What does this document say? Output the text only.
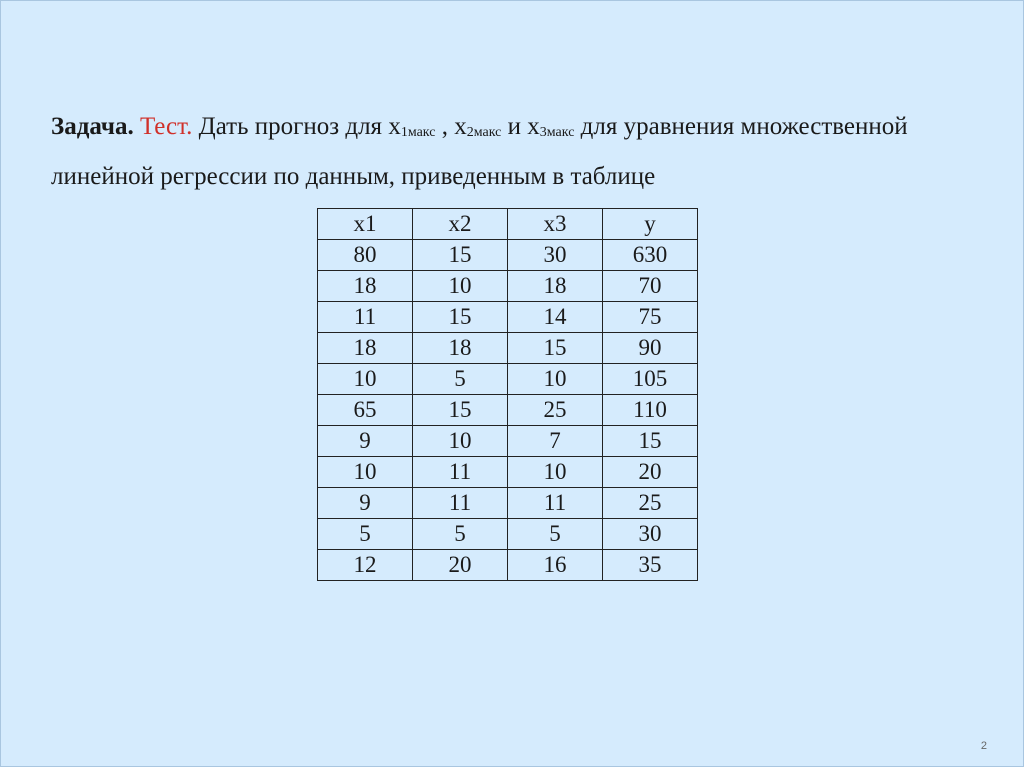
Задача. Тест. Дать прогноз для $x_{1макс}$ , $x_{2макс}$ и $x_{3макс}$ для уравнения множественной линейной регрессии по данным, приведенным в таблице
x1	x2	x3	y
80	15	30	630
18	10	18	70
11	15	14	75
18	18	15	90
10	5	10	105
65	15	25	110
9	10	7	15
10	11	10	20
9	11	11	25
5	5	5	30
12	20	16	35
2
